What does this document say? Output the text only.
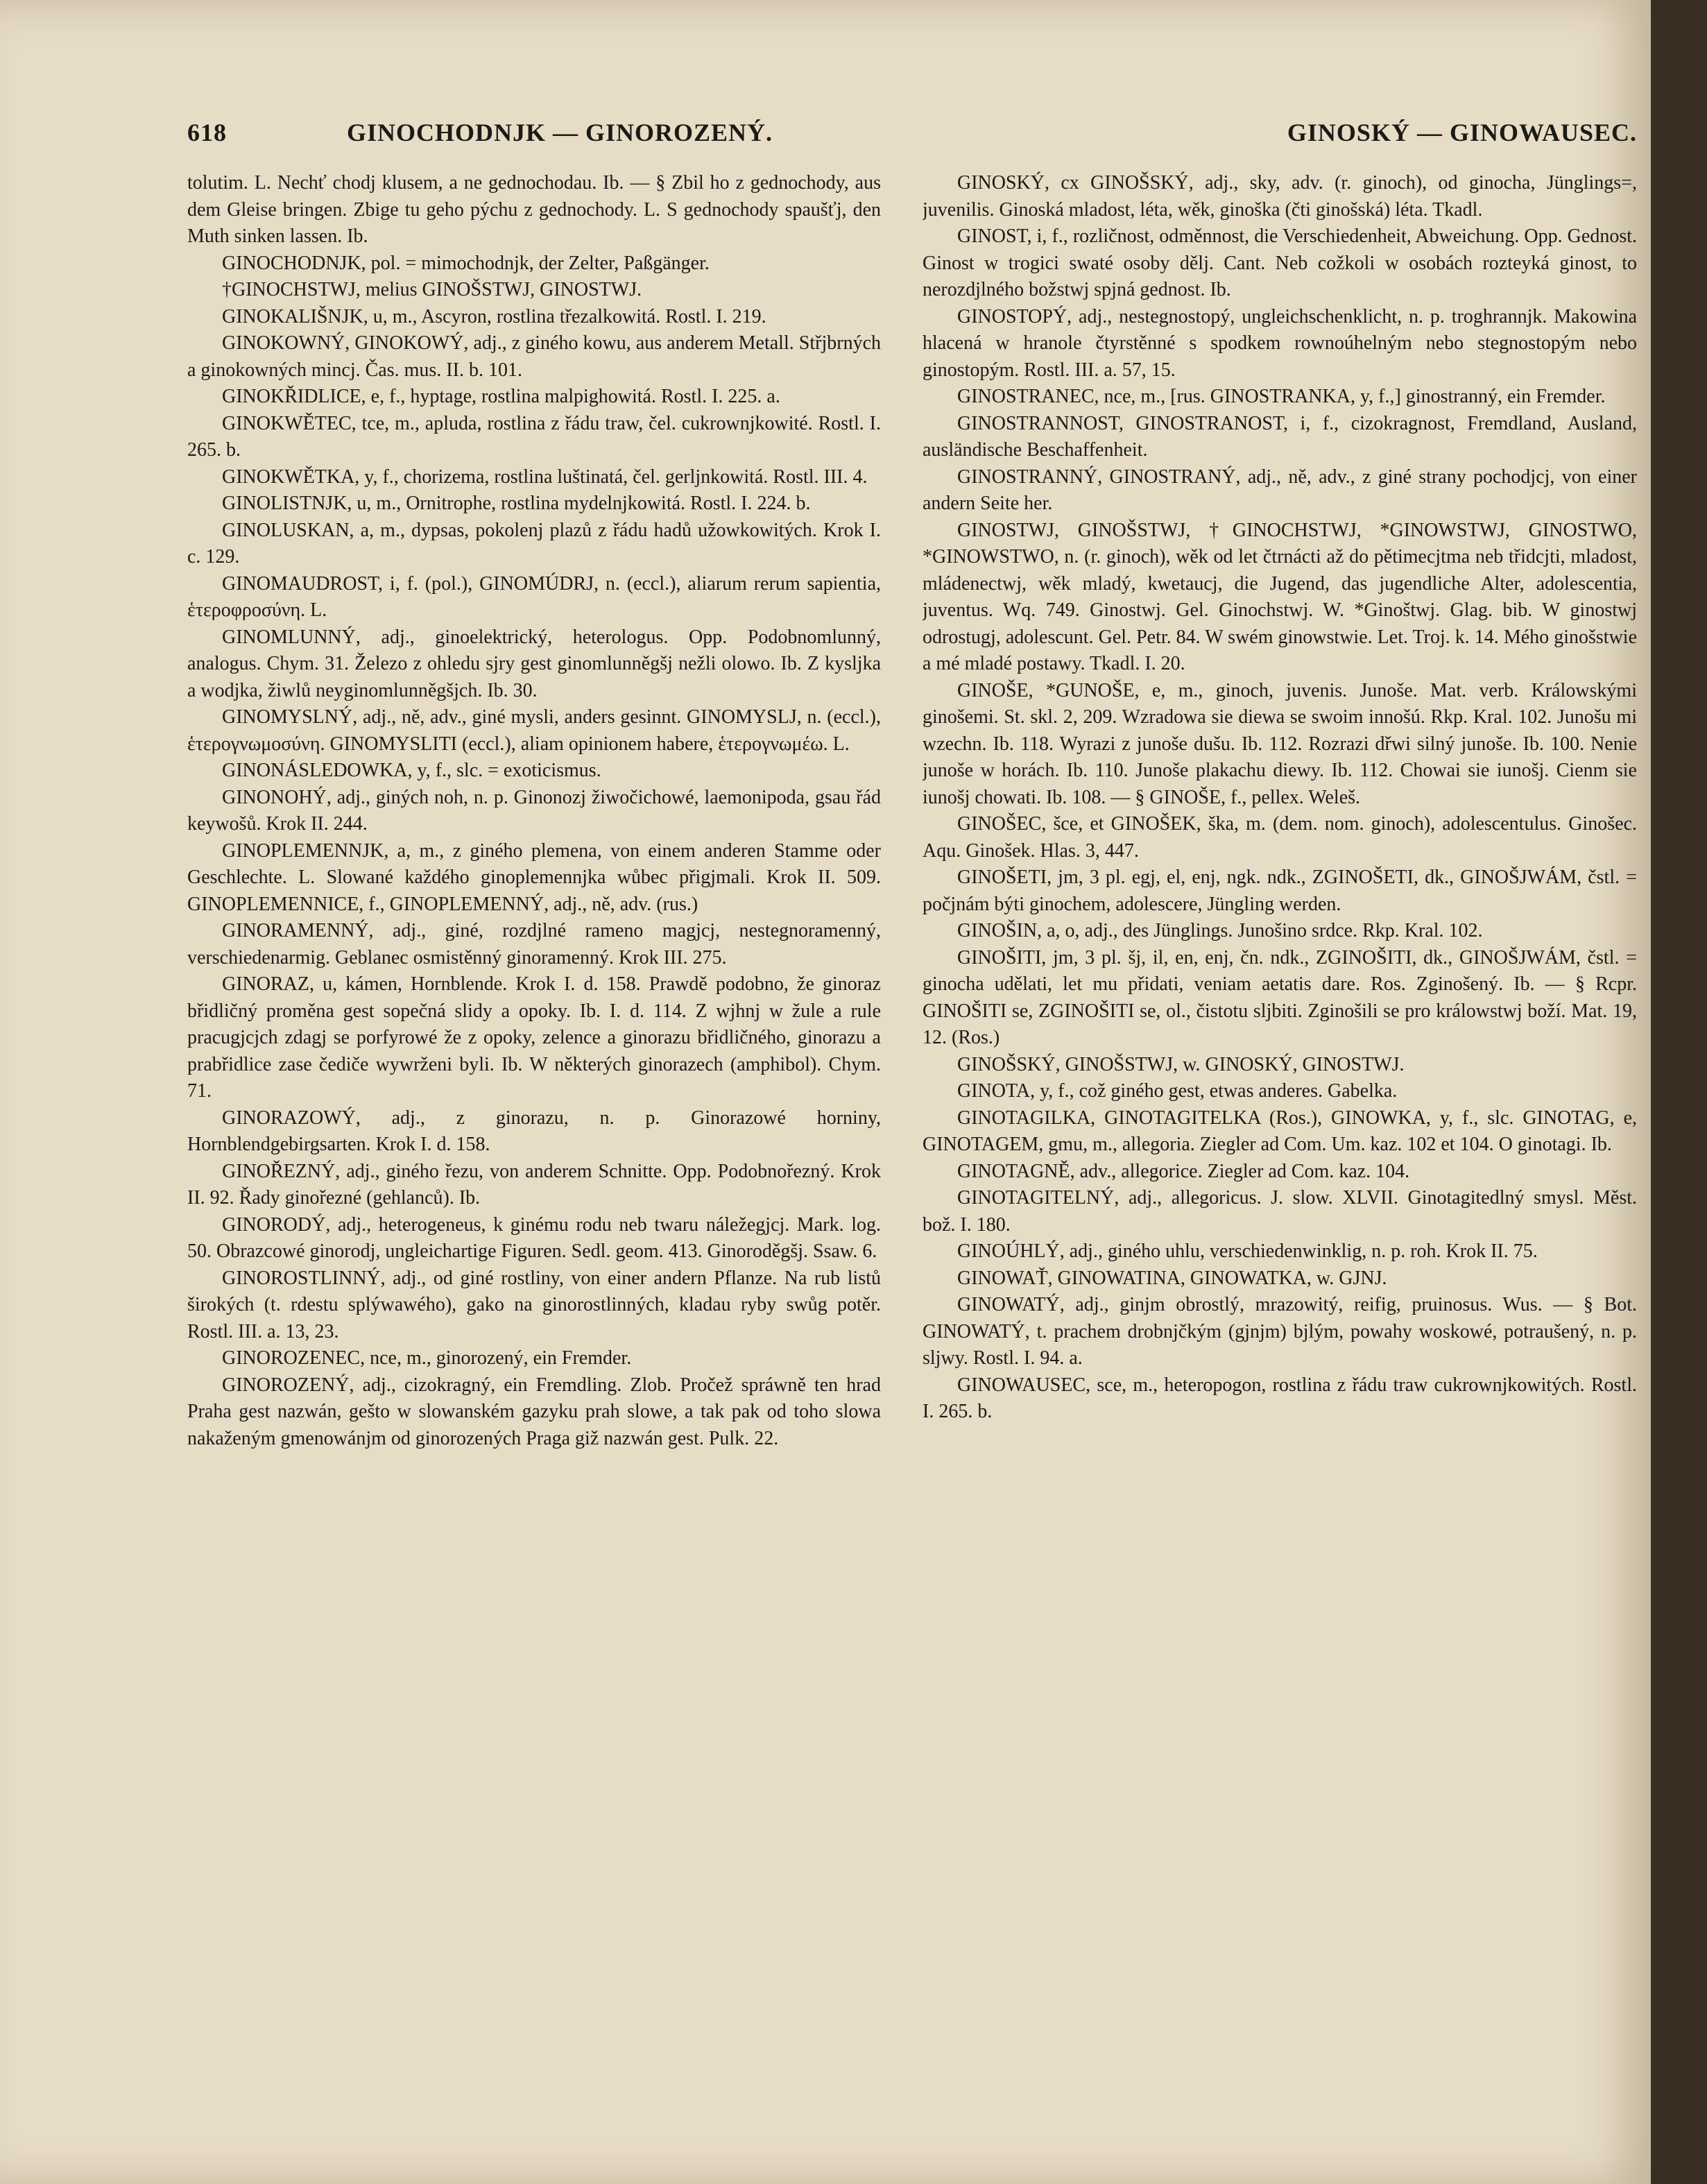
618	GINOCHODNJK — GINOROZENÝ.	GINOSKÝ — GINOWAUSEC.

tolutim. L. Nechť chodj klusem, a ne gednochodau. Ib. — § Zbil ho z gednochody, aus dem Gleise bringen. Zbige tu geho pýchu z gednochody. L. S gednochody spaušťj, den Muth sinken lassen. Ib.

GINOCHODNJK, pol. = mimochodnjk, der Zelter, Paßgänger.

†GINOCHSTWJ, melius GINOŠSTWJ, GINOSTWJ.

GINOKALIŠNJK, u, m., Ascyron, rostlina třezalkowitá. Rostl. I. 219.

GINOKOWNÝ, GINOKOWÝ, adj., z giného kowu, aus anderem Metall. Střjbrných a ginokowných mincj. Čas. mus. II. b. 101.

GINOKŘIDLICE, e, f., hyptage, rostlina malpighowitá. Rostl. I. 225. a.

GINOKWĚTEC, tce, m., apluda, rostlina z řádu traw, čel. cukrownjkowité. Rostl. I. 265. b.

GINOKWĚTKA, y, f., chorizema, rostlina luštinatá, čel. gerljnkowitá. Rostl. III. 4.

GINOLISTNJK, u, m., Ornitrophe, rostlina mydelnjkowitá. Rostl. I. 224. b.

GINOLUSKAN, a, m., dypsas, pokolenj plazů z řádu hadů užowkowitých. Krok I. c. 129.

GINOMAUDROST, i, f. (pol.), GINOMÚDRJ, n. (eccl.), aliarum rerum sapientia, ἑτεροφροσύνη. L.

GINOMLUNNÝ, adj., ginoelektrický, heterologus. Opp. Podobnomlunný, analogus. Chym. 31. Železo z ohledu sjry gest ginomlunněgšj nežli olowo. Ib. Z kysljka a wodjka, žiwlů neyginomlunněgšjch. Ib. 30.

GINOMYSLNÝ, adj., ně, adv., giné mysli, anders gesinnt. GINOMYSLJ, n. (eccl.), ἑτερογνωμοσύνη. GINOMYSLITI (eccl.), aliam opinionem habere, ἑτερογνωμέω. L.

GINONÁSLEDOWKA, y, f., slc. = exoticismus.

GINONOHÝ, adj., giných noh, n. p. Ginonozj žiwočichowé, laemonipoda, gsau řád keywošů. Krok II. 244.

GINOPLEMENNJK, a, m., z giného plemena, von einem anderen Stamme oder Geschlechte. L. Slowané každého ginoplemennjka wůbec přigjmali. Krok II. 509. GINOPLEMENNICE, f., GINOPLEMENNÝ, adj., ně, adv. (rus.)

GINORAMENNÝ, adj., giné, rozdjlné rameno magjcj, nestegnoramenný, verschiedenarmig. Geblanec osmistěnný ginoramenný. Krok III. 275.

GINORAZ, u, kámen, Hornblende. Krok I. d. 158. Prawdě podobno, že ginoraz břidličný proměna gest sopečná slidy a opoky. Ib. I. d. 114. Z wjhnj w žule a rule pracugjcjch zdagj se porfyrowé že z opoky, zelence a ginorazu břidličného, ginorazu a prabřidlice zase čediče wywrženi byli. Ib. W některých ginorazech (amphibol). Chym. 71.

GINORAZOWÝ, adj., z ginorazu, n. p. Ginorazowé horniny, Hornblendgebirgsarten. Krok I. d. 158.

GINOŘEZNÝ, adj., giného řezu, von anderem Schnitte. Opp. Podobnořezný. Krok II. 92. Řady ginořezné (gehlanců). Ib.

GINORODÝ, adj., heterogeneus, k ginému rodu neb twaru náležegjcj. Mark. log. 50. Obrazcowé ginorodj, ungleichartige Figuren. Sedl. geom. 413. Ginoroděgšj. Ssaw. 6.

GINOROSTLINNÝ, adj., od giné rostliny, von einer andern Pflanze. Na rub listů širokých (t. rdestu splýwawého), gako na ginorostlinných, kladau ryby swůg potěr. Rostl. III. a. 13, 23.

GINOROZENEC, nce, m., ginorozený, ein Fremder.

GINOROZENÝ, adj., cizokragný, ein Fremdling. Zlob. Pročež spráwně ten hrad Praha gest nazwán, gešto w slowanském gazyku prah slowe, a tak pak od toho slowa nakaženým gmenowánjm od ginorozených Praga giž nazwán gest. Pulk. 22.

GINOSKÝ, cx GINOŠSKÝ, adj., sky, adv. (r. ginoch), od ginocha, Jünglings=, juvenilis. Ginoská mladost, léta, wěk, ginoška (čti ginošská) léta. Tkadl.

GINOST, i, f., rozličnost, odměnnost, die Verschiedenheit, Abweichung. Opp. Gednost. Ginost w trogici swaté osoby dělj. Cant. Neb cožkoli w osobách rozteyká ginost, to nerozdjlného božstwj spjná gednost. Ib.

GINOSTOPÝ, adj., nestegnostopý, ungleichschenklicht, n. p. troghrannjk. Makowina hlacená w hranole čtyrstěnné s spodkem rownoúhelným nebo stegnostopým nebo ginostopým. Rostl. III. a. 57, 15.

GINOSTRANEC, nce, m., [rus. GINOSTRANKA, y, f.,] ginostranný, ein Fremder.

GINOSTRANNOST, GINOSTRANOST, i, f., cizokragnost, Fremdland, Ausland, ausländische Beschaffenheit.

GINOSTRANNÝ, GINOSTRANÝ, adj., ně, adv., z giné strany pochodjcj, von einer andern Seite her.

GINOSTWJ, GINOŠSTWJ, †GINOCHSTWJ, *GINOWSTWJ, GINOSTWO, *GINOWSTWO, n. (r. ginoch), wěk od let čtrnácti až do pětimecjtma neb třidcjti, mladost, mládenectwj, wěk mladý, kwetaucj, die Jugend, das jugendliche Alter, adolescentia, juventus. Wq. 749. Ginostwj. Gel. Ginochstwj. W. *Ginoštwj. Glag. bib. W ginostwj odrostugj, adolescunt. Gel. Petr. 84. W swém ginowstwie. Let. Troj. k. 14. Mého ginošstwie a mé mladé postawy. Tkadl. I. 20.

GINOŠE, *GUNOŠE, e, m., ginoch, juvenis. Junoše. Mat. verb. Králowskými ginošemi. St. skl. 2, 209. Wzradowa sie diewa se swoim innošú. Rkp. Kral. 102. Junošu mi wzechn. Ib. 118. Wyrazi z junoše dušu. Ib. 112. Rozrazi dřwi silný junoše. Ib. 100. Nenie junoše w horách. Ib. 110. Junoše plakachu diewy. Ib. 112. Chowai sie iunošj. Cienm sie iunošj chowati. Ib. 108. — § GINOŠE, f., pellex. Weleš.

GINOŠEC, šce, et GINOŠEK, ška, m. (dem. nom. ginoch), adolescentulus. Ginošec. Aqu. Ginošek. Hlas. 3, 447.

GINOŠETI, jm, 3 pl. egj, el, enj, ngk. ndk., ZGINOŠETI, dk., GINOŠJWÁM, čstl. = počjnám býti ginochem, adolescere, Jüngling werden.

GINOŠIN, a, o, adj., des Jünglings. Junošino srdce. Rkp. Kral. 102.

GINOŠITI, jm, 3 pl. šj, il, en, enj, čn. ndk., ZGINOŠITI, dk., GINOŠJWÁM, čstl. = ginocha udělati, let mu přidati, veniam aetatis dare. Ros. Zginošený. Ib. — § Rcpr. GINOŠITI se, ZGINOŠITI se, ol., čistotu sljbiti. Zginošili se pro králowstwj boží. Mat. 19, 12. (Ros.)

GINOŠSKÝ, GINOŠSTWJ, w. GINOSKÝ, GINOSTWJ.

GINOTA, y, f., což giného gest, etwas anderes. Gabelka.

GINOTAGILKA, GINOTAGITELKA (Ros.), GINOWKA, y, f., slc. GINOTAG, e, GINOTAGEM, gmu, m., allegoria. Ziegler ad Com. Um. kaz. 102 et 104. O ginotagi. Ib.

GINOTAGNĚ, adv., allegorice. Ziegler ad Com. kaz. 104.

GINOTAGITELNÝ, adj., allegoricus. J. slow. XLVII. Ginotagitedlný smysl. Měst. bož. I. 180.

GINOÚHLÝ, adj., giného uhlu, verschiedenwinklig, n. p. roh. Krok II. 75.

GINOWAŤ, GINOWATINA, GINOWATKA, w. GJNJ.

GINOWATÝ, adj., ginjm obrostlý, mrazowitý, reifig, pruinosus. Wus. — § Bot. GINOWATÝ, t. prachem drobnjčkým (gjnjm) bjlým, powahy woskowé, potraušený, n. p. sljwy. Rostl. I. 94. a.

GINOWAUSEC, sce, m., heteropogon, rostlina z řádu traw cukrownjkowitých. Rostl. I. 265. b.
